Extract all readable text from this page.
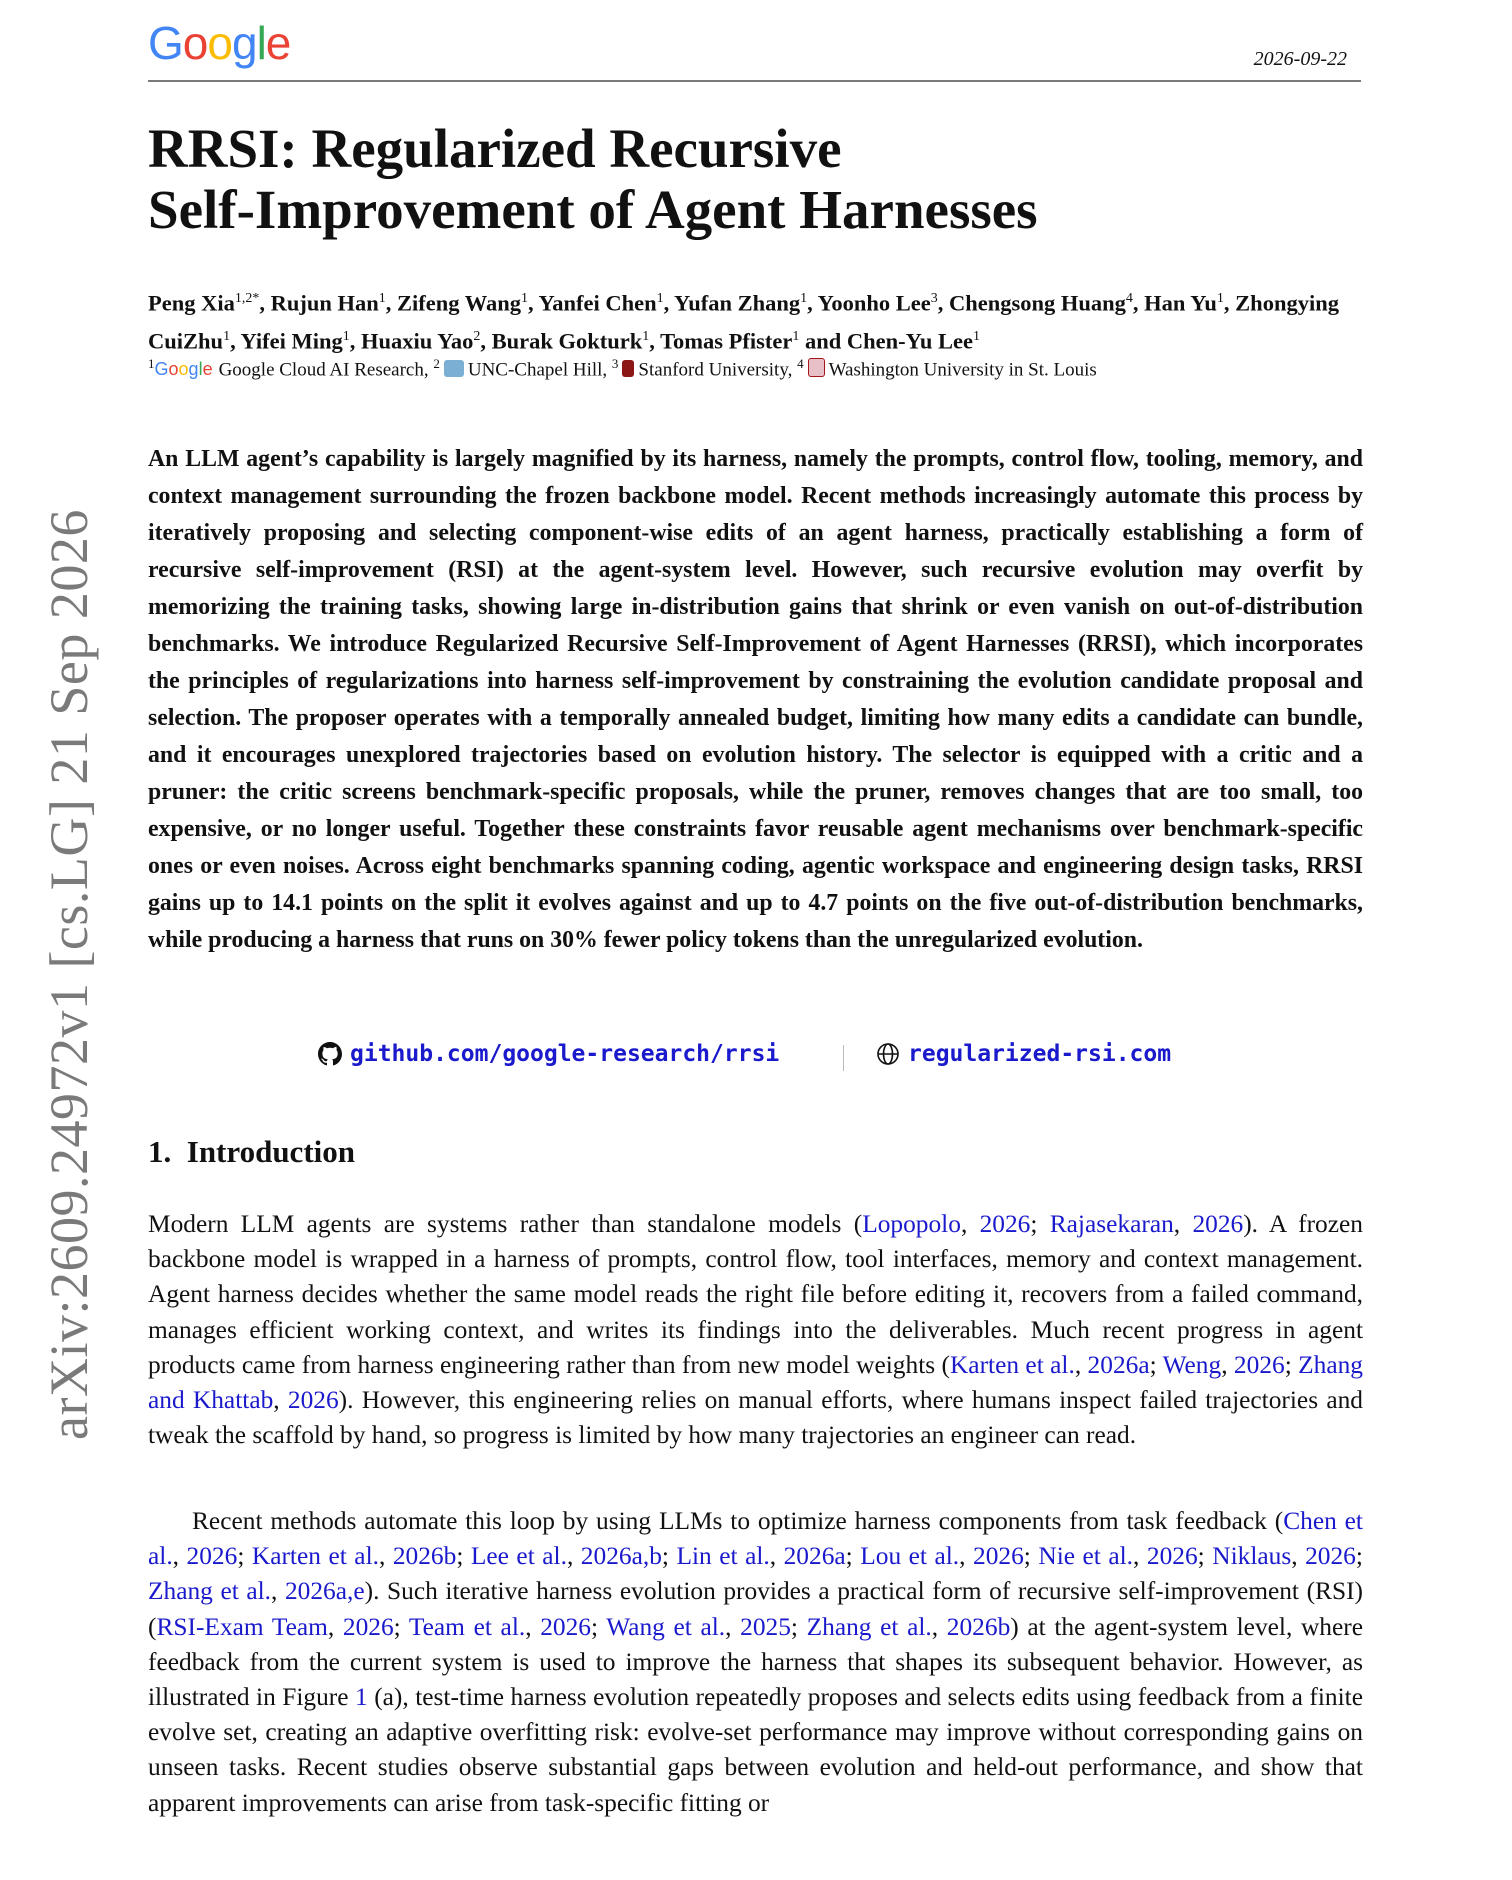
Google	2026-09-22
arXiv:2609.24972v1 [cs.LG] 21 Sep 2026
RRSI: Regularized Recursive
Self-Improvement of Agent Harnesses
Peng Xia$^{1,2*}$, Rujun Han$^1$, Zifeng Wang$^1$, Yanfei Chen$^1$, Yufan Zhang$^1$, Yoonho Lee$^3$, Chengsong Huang$^4$, Han Yu$^1$, Zhongying CuiZhu$^1$, Yifei Ming$^1$, Huaxiu Yao$^2$, Burak Gokturk$^1$, Tomas Pfister$^1$ and Chen-Yu Lee$^1$
$^1$Google Google Cloud AI Research, $^2$ UNC-Chapel Hill, $^3$ Stanford University, $^4$ Washington University in St. Louis
An LLM agent’s capability is largely magnified by its harness, namely the prompts, control flow, tooling, memory, and context management surrounding the frozen backbone model. Recent methods increasingly automate this process by iteratively proposing and selecting component-wise edits of an agent harness, practically establishing a form of recursive self-improvement (RSI) at the agent-system level. However, such recursive evolution may overfit by memorizing the training tasks, showing large in-distribution gains that shrink or even vanish on out-of-distribution benchmarks. We introduce Regularized Recursive Self-Improvement of Agent Harnesses (RRSI), which incorporates the principles of regularizations into harness self-improvement by constraining the evolution candidate proposal and selection. The proposer operates with a temporally annealed budget, limiting how many edits a candidate can bundle, and it encourages unexplored trajectories based on evolution history. The selector is equipped with a critic and a pruner: the critic screens benchmark-specific proposals, while the pruner, removes changes that are too small, too expensive, or no longer useful. Together these constraints favor reusable agent mechanisms over benchmark-specific ones or even noises. Across eight benchmarks spanning coding, agentic workspace and engineering design tasks, RRSI gains up to 14.1 points on the split it evolves against and up to 4.7 points on the five out-of-distribution benchmarks, while producing a harness that runs on 30% fewer policy tokens than the unregularized evolution.
github.com/google-research/rrsi	regularized-rsi.com
1. Introduction
Modern LLM agents are systems rather than standalone models (Lopopolo, 2026; Rajasekaran, 2026). A frozen backbone model is wrapped in a harness of prompts, control flow, tool interfaces, memory and context management. Agent harness decides whether the same model reads the right file before editing it, recovers from a failed command, manages efficient working context, and writes its findings into the deliverables. Much recent progress in agent products came from harness engineering rather than from new model weights (Karten et al., 2026a; Weng, 2026; Zhang and Khattab, 2026). However, this engineering relies on manual efforts, where humans inspect failed trajectories and tweak the scaffold by hand, so progress is limited by how many trajectories an engineer can read.
Recent methods automate this loop by using LLMs to optimize harness components from task feedback (Chen et al., 2026; Karten et al., 2026b; Lee et al., 2026a,b; Lin et al., 2026a; Lou et al., 2026; Nie et al., 2026; Niklaus, 2026; Zhang et al., 2026a,e). Such iterative harness evolution provides a practical form of recursive self-improvement (RSI) (RSI-Exam Team, 2026; Team et al., 2026; Wang et al., 2025; Zhang et al., 2026b) at the agent-system level, where feedback from the current system is used to improve the harness that shapes its subsequent behavior. However, as illustrated in Figure 1 (a), test-time harness evolution repeatedly proposes and selects edits using feedback from a finite evolve set, creating an adaptive overfitting risk: evolve-set performance may improve without corresponding gains on unseen tasks. Recent studies observe substantial gaps between evolution and held-out performance, and show that apparent improvements can arise from task-specific fitting or
